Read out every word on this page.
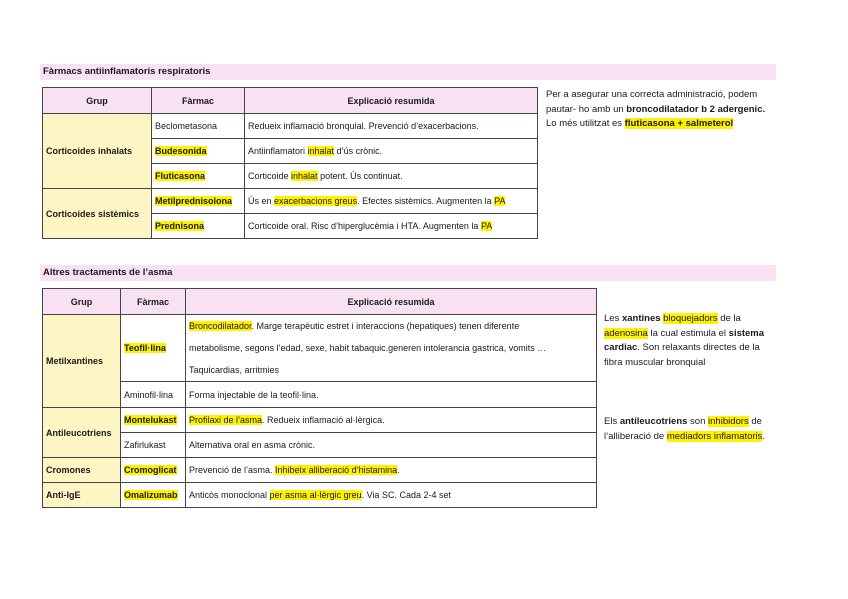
Fàrmacs antiinflamatoris respiratoris
Grup	Fàrmac	Explicació resumida
Corticoides inhalats	Beclometasona	Redueix inflamació bronquial. Prevenció d’exacerbacions.
	Budesonida	Antiinflamatori inhalat d’ús crònic.
	Fluticasona	Corticoide inhalat potent. Ús continuat.
Corticoides sistèmics	Metilprednisolona	Ús en exacerbacions greus. Efectes sistèmics. Augmenten la PA
	Prednisona	Corticoide oral. Risc d’hiperglucèmia i HTA. Augmenten la PA
Per a asegurar una correcta administració, podem pautar- ho amb un broncodilatador b 2 adergenic. Lo més utilitzat es fluticasona + salmeterol
Altres tractaments de l’asma
Grup	Fàrmac	Explicació resumida
Metilxantines	Teofil·lina	Broncodilatador. Marge terapèutic estret i interaccions (hepatiques) tenen diferente
metabolisme, segons l’edad, sexe, habit tabaquic.generen intolerancia gastrica, vomits …
Taquicardias, arritmies

	Aminofil·lina	Forma injectable de la teofil·lina.
Antileucotriens	Montelukast	Profilaxi de l’asma. Redueix inflamació al·lèrgica.
	Zafirlukast	Alternativa oral en asma crònic.
Cromones	Cromoglicat	Prevenció de l’asma. Inhibeix alliberació d’histamina.
Anti-IgE	Omalizumab	Anticòs monoclonal per asma al·lèrgic greu. Via SC. Cada 2-4 set
Les xantines bloquejadors de la adenosina la cual estimula el sistema cardiac. Son relaxants directes de la fibra muscular bronquial
Els antileucotriens son inhibidors de l’alliberació de mediadors inflamatoris.
